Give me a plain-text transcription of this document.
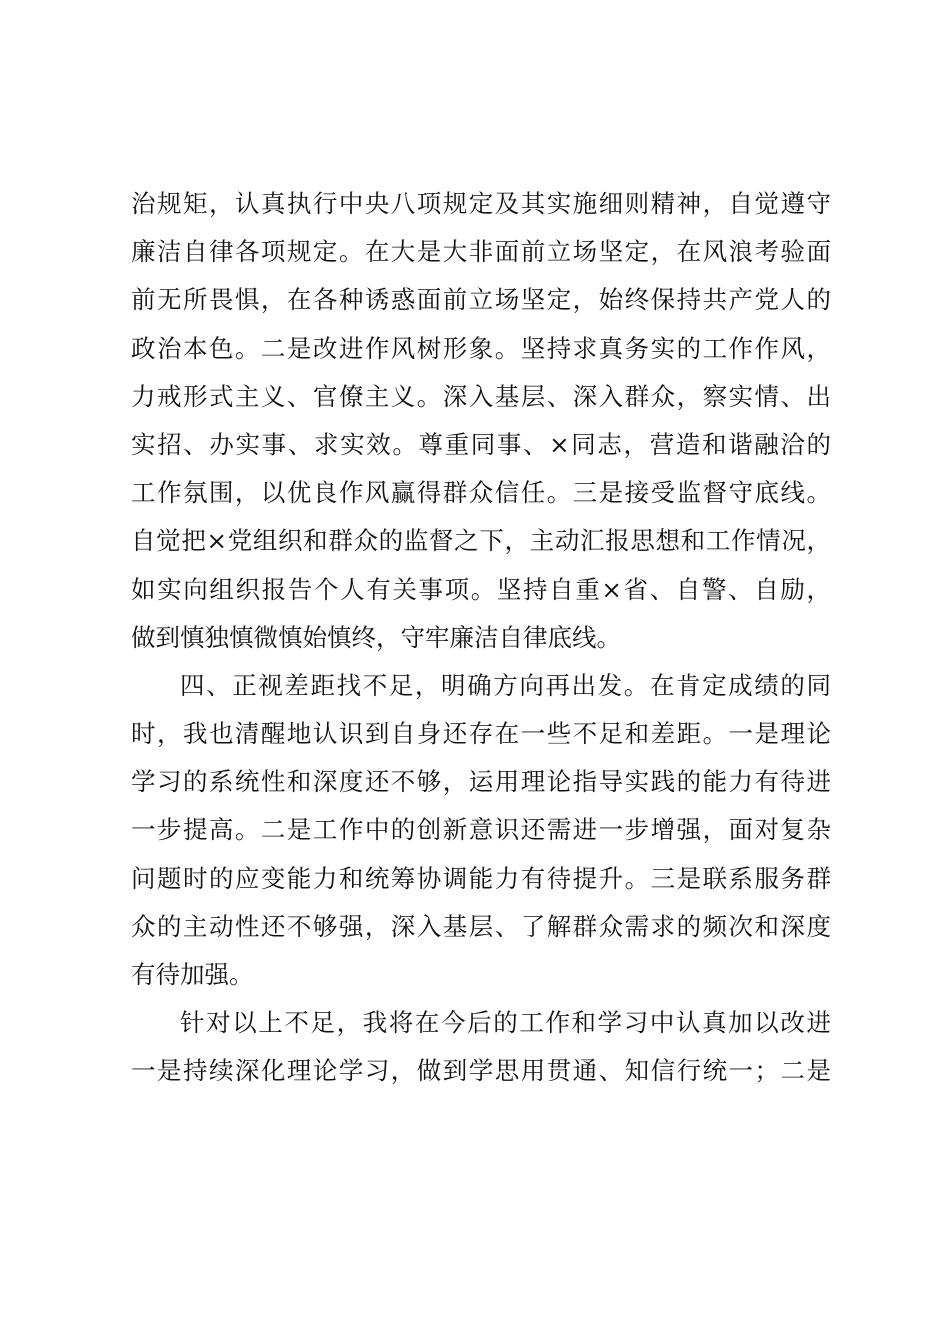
治规矩，认真执行中央八项规定及其实施细则精神，自觉遵守
廉洁自律各项规定。在大是大非面前立场坚定，在风浪考验面
前无所畏惧，在各种诱惑面前立场坚定，始终保持共产党人的
政治本色。二是改进作风树形象。坚持求真务实的工作作风，
力戒形式主义、官僚主义。深入基层、深入群众，察实情、出
实招、办实事、求实效。尊重同事、×同志，营造和谐融洽的
工作氛围，以优良作风赢得群众信任。三是接受监督守底线。
自觉把×党组织和群众的监督之下，主动汇报思想和工作情况，
如实向组织报告个人有关事项。坚持自重×省、自警、自励，
做到慎独慎微慎始慎终，守牢廉洁自律底线。
四、正视差距找不足，明确方向再出发。在肯定成绩的同
时，我也清醒地认识到自身还存在一些不足和差距。一是理论
学习的系统性和深度还不够，运用理论指导实践的能力有待进
一步提高。二是工作中的创新意识还需进一步增强，面对复杂
问题时的应变能力和统筹协调能力有待提升。三是联系服务群
众的主动性还不够强，深入基层、了解群众需求的频次和深度
有待加强。
针对以上不足，我将在今后的工作和学习中认真加以改进
一是持续深化理论学习，做到学思用贯通、知信行统一；二是
